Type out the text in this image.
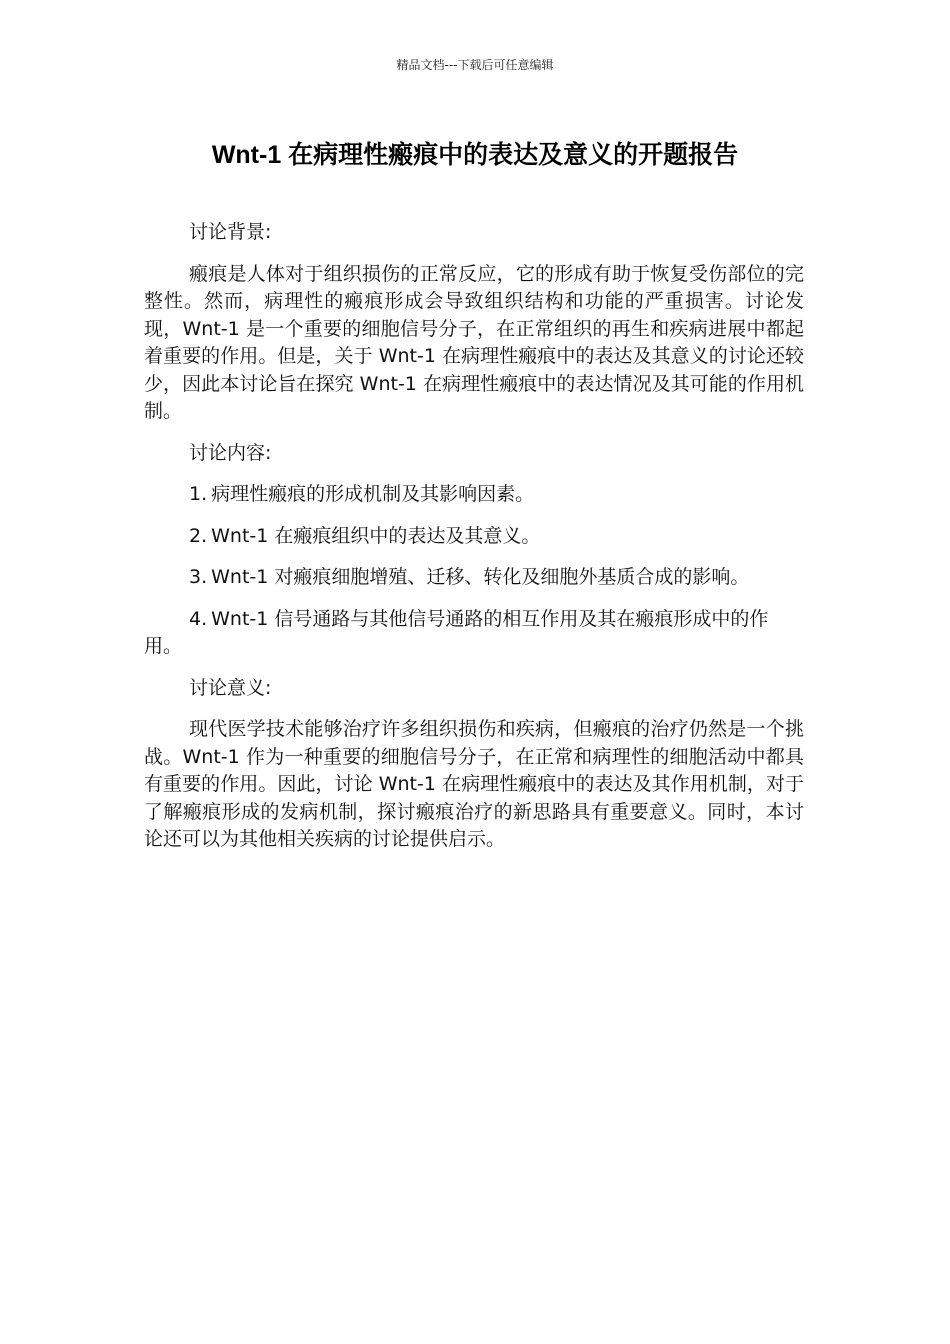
精品文档---下载后可任意编辑
Wnt-1 在病理性瘢痕中的表达及意义的开题报告

讨论背景:

瘢痕是人体对于组织损伤的正常反应，它的形成有助于恢复受伤部位的完整性。然而，病理性的瘢痕形成会导致组织结构和功能的严重损害。讨论发现，Wnt-1 是一个重要的细胞信号分子，在正常组织的再生和疾病进展中都起着重要的作用。但是，关于 Wnt-1 在病理性瘢痕中的表达及其意义的讨论还较少，因此本讨论旨在探究 Wnt-1 在病理性瘢痕中的表达情况及其可能的作用机制。

讨论内容:

1. 病理性瘢痕的形成机制及其影响因素。

2. Wnt-1 在瘢痕组织中的表达及其意义。

3. Wnt-1 对瘢痕细胞增殖、迁移、转化及细胞外基质合成的影响。

4. Wnt-1 信号通路与其他信号通路的相互作用及其在瘢痕形成中的作用。

讨论意义:

现代医学技术能够治疗许多组织损伤和疾病，但瘢痕的治疗仍然是一个挑战。Wnt-1 作为一种重要的细胞信号分子，在正常和病理性的细胞活动中都具有重要的作用。因此，讨论 Wnt-1 在病理性瘢痕中的表达及其作用机制，对于了解瘢痕形成的发病机制，探讨瘢痕治疗的新思路具有重要意义。同时，本讨论还可以为其他相关疾病的讨论提供启示。
